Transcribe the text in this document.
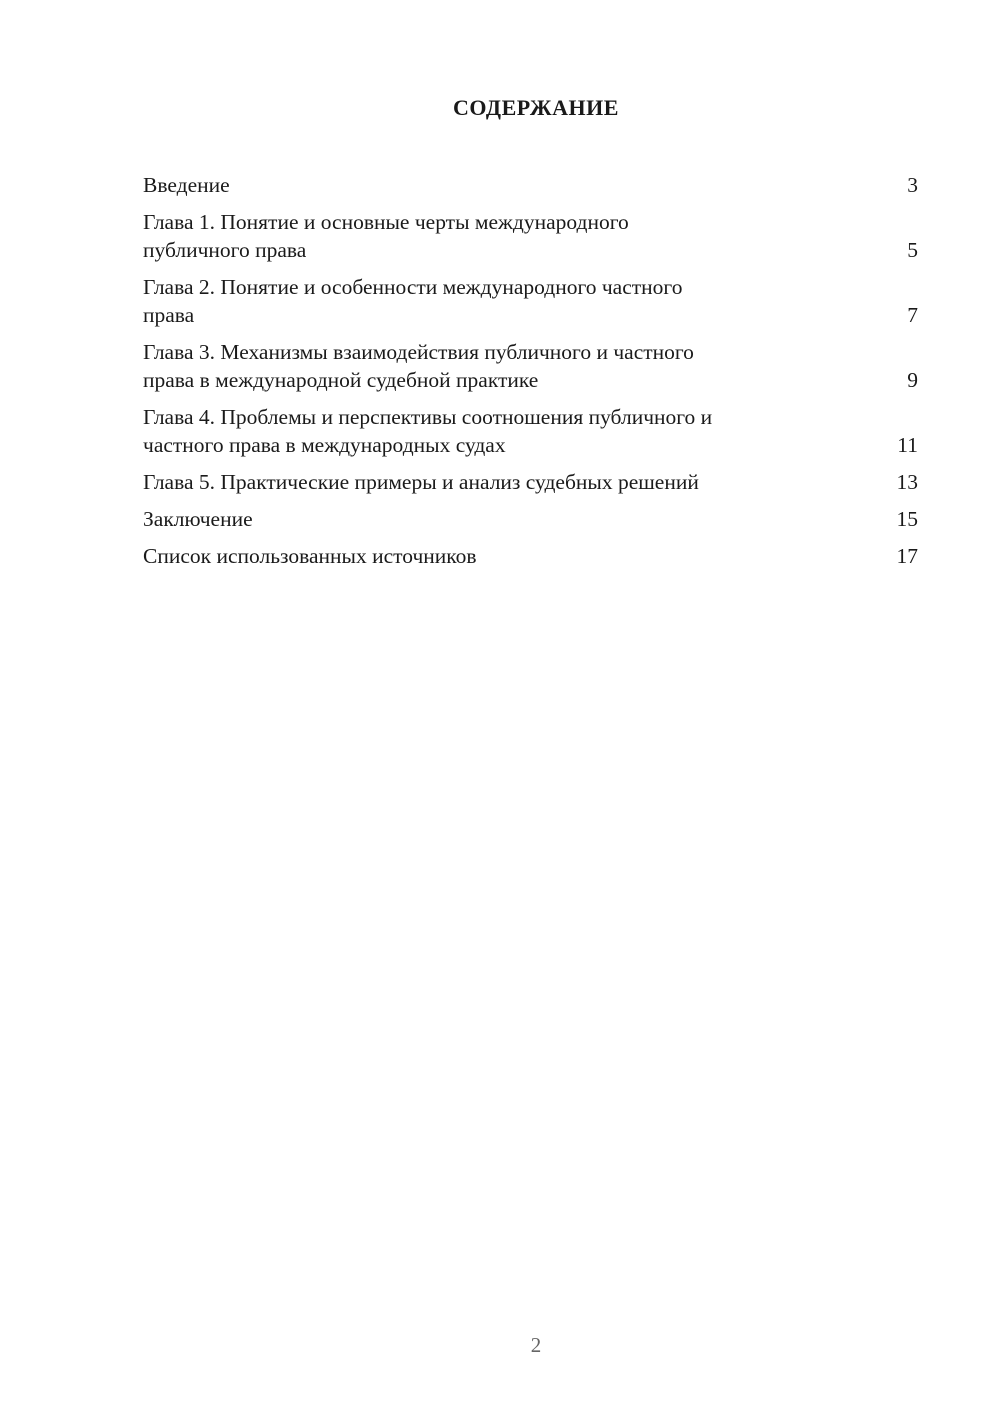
СОДЕРЖАНИЕ
Введение	3
Глава 1. Понятие и основные черты международного
публичного права	5
Глава 2. Понятие и особенности международного частного
права	7
Глава 3. Механизмы взаимодействия публичного и частного
права в международной судебной практике	9
Глава 4. Проблемы и перспективы соотношения публичного и
частного права в международных судах	11
Глава 5. Практические примеры и анализ судебных решений	13
Заключение	15
Список использованных источников	17
2
